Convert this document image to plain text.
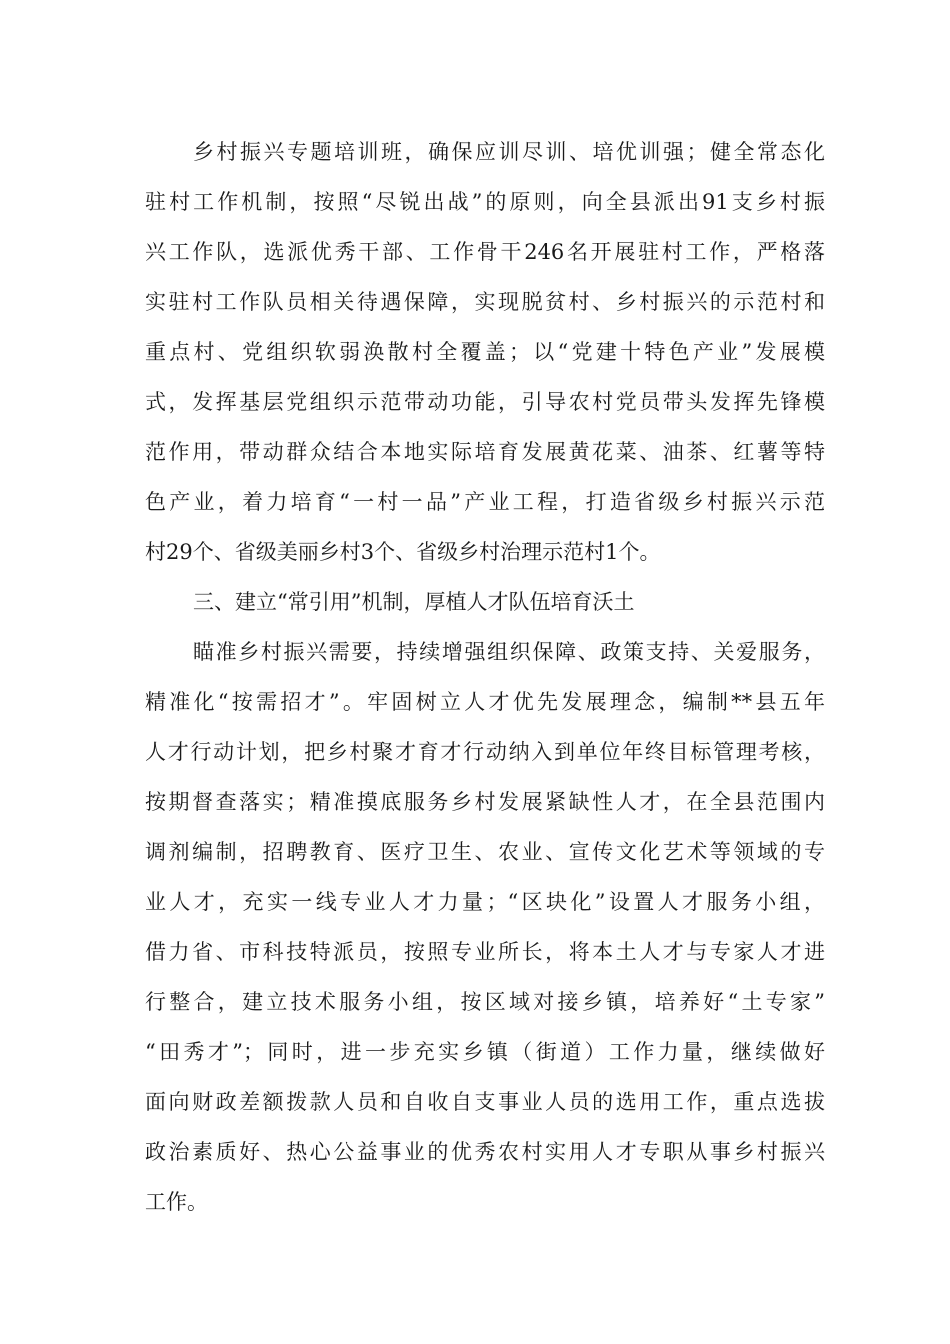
乡村振兴专题培训班，确保应训尽训、培优训强；健全常态化
驻村工作机制，按照“尽锐出战”的原则，向全县派出91支乡村振
兴工作队，选派优秀干部、工作骨干246名开展驻村工作，严格落
实驻村工作队员相关待遇保障，实现脱贫村、乡村振兴的示范村和
重点村、党组织软弱涣散村全覆盖；以“党建十特色产业”发展模
式，发挥基层党组织示范带动功能，引导农村党员带头发挥先锋模
范作用，带动群众结合本地实际培育发展黄花菜、油茶、红薯等特
色产业，着力培育“一村一品”产业工程，打造省级乡村振兴示范
村29个、省级美丽乡村3个、省级乡村治理示范村1个。
三、建立“常引用”机制，厚植人才队伍培育沃土
瞄准乡村振兴需要，持续增强组织保障、政策支持、关爱服务，
精准化“按需招才”。牢固树立人才优先发展理念，编制**县五年
人才行动计划，把乡村聚才育才行动纳入到单位年终目标管理考核，
按期督查落实；精准摸底服务乡村发展紧缺性人才，在全县范围内
调剂编制，招聘教育、医疗卫生、农业、宣传文化艺术等领域的专
业人才，充实一线专业人才力量；“区块化”设置人才服务小组，
借力省、市科技特派员，按照专业所长，将本土人才与专家人才进
行整合，建立技术服务小组，按区域对接乡镇，培养好“土专家”
“田秀才”；同时，进一步充实乡镇（街道）工作力量，继续做好
面向财政差额拨款人员和自收自支事业人员的选用工作，重点选拔
政治素质好、热心公益事业的优秀农村实用人才专职从事乡村振兴
工作。
